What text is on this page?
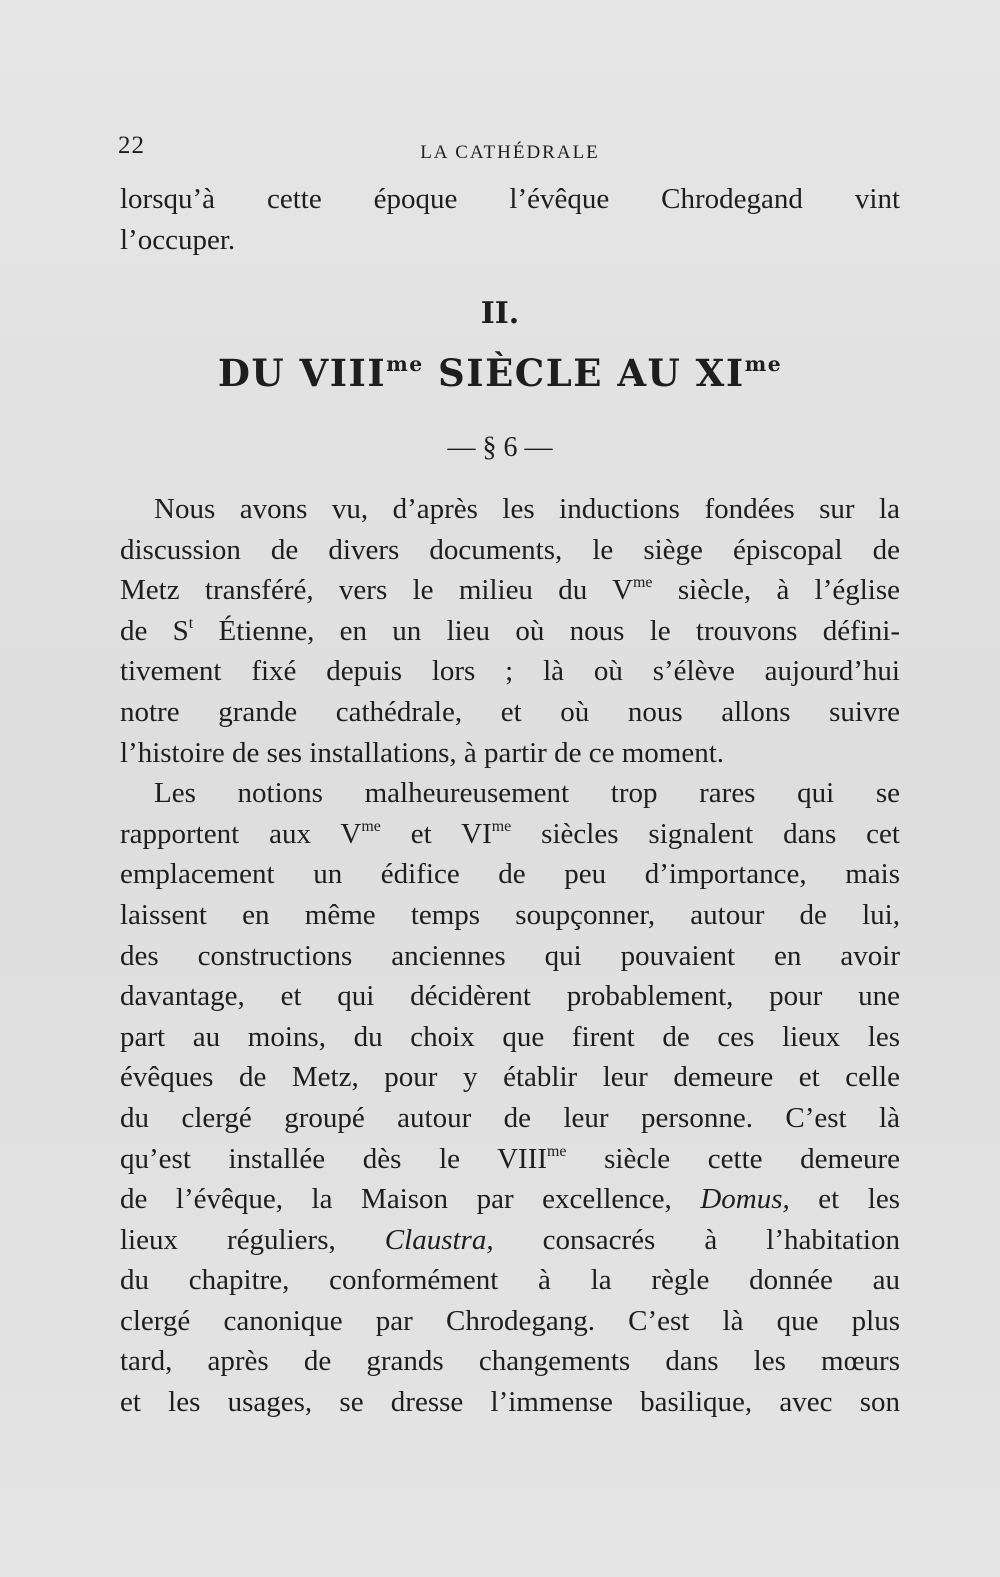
22	LA CATHÉDRALE
lorsqu’à cette époque l’évêque Chrodegand vint
l’occuper.
II.
DU $VIII^{me}$ SIÈCLE AU $XI^{me}$
— § 6 —
Nous avons vu, d’après les inductions fondées sur la
discussion de divers documents, le siège épiscopal de
Metz transféré, vers le milieu du $V^{me}$ siècle, à l’église
de $S^t$ Étienne, en un lieu où nous le trouvons défini-
tivement fixé depuis lors ; là où s’élève aujourd’hui
notre grande cathédrale, et où nous allons suivre
l’histoire de ses installations, à partir de ce moment.
Les notions malheureusement trop rares qui se
rapportent aux $V^{me}$ et $VI^{me}$ siècles signalent dans cet
emplacement un édifice de peu d’importance, mais
laissent en même temps soupçonner, autour de lui,
des constructions anciennes qui pouvaient en avoir
davantage, et qui décidèrent probablement, pour une
part au moins, du choix que firent de ces lieux les
évêques de Metz, pour y établir leur demeure et celle
du clergé groupé autour de leur personne. C’est là
qu’est installée dès le $VIII^{me}$ siècle cette demeure
de l’évêque, la Maison par excellence, Domus, et les
lieux réguliers, Claustra, consacrés à l’habitation
du chapitre, conformément à la règle donnée au
clergé canonique par Chrodegang. C’est là que plus
tard, après de grands changements dans les mœurs
et les usages, se dresse l’immense basilique, avec son
